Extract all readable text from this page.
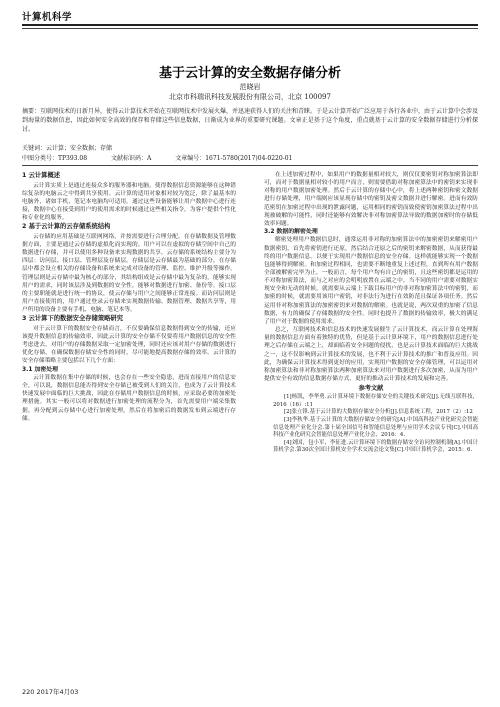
计算机科学
基于云计算的安全数据存储分析
范晓岩
北京市科瑞讯科技发展股份有限公司，北京 100097
摘要：互联网技术的日新月异，使得云计算技术开始在互联网技术中发展火爆，并迅速获得人们的关注和青睐。于是云计算开始广泛应用于各行各业中，由于云计算中会涉及到海量的数据信息，因此如何安全高效的保存和存储这些信息数据，日渐成为业界的重要研究课题。文章正是基于这个角度，重点就基于云计算的安全数据存储进行分析探讨。
关键词：云计算；安全数据；存储
中图分类号：TP393.08	文献标识码：A	文章编号：1671-5780(2017)04-0220-01
1 云计算概述

云计算实质上是通过连接众多的服务器和电脑，使得数据信息资源能够在这种错综复杂的电脑云之中得到共享使用。云计算的适用对象相对较为宽泛，除了最基本的电脑外，诸如手机、笔记本电脑均可适用。通过这些设备能够让用户数据中心进行连接，数据中心在接受到用户的使用需求的时候通过这些相关指令，为客户提供个性化和专业化的服务。

2 基于云计算的云存储系统结构

云存储的应用基础是互联网网络，并按需要进行合理分配。在存储数据及管理数据方面，主要是通过云存储的虚拟化而实现的。用户可以在虚拟的存储空间中自己的数据进行存储，并可以使用多种设备来实现数据的共享。云存储的系统结构主要分为四层：访问层、接口层、管理层及存储层。存储层是云存储最为基础的部分，在存储层中都会设立相关的存储设备和系统来完成对设备的管理、监控、维护升级等操作。管理层则是云存储中最为核心的部分，其结构组成是云存储中最为复杂的，能够实现用户的需求，同时该层涉及到数据的安全性，能够对数据进行加密、备份等。接口层的主要职能就是进行统一的协议，使云存储与用户之间能够正常连接。而访问层则是用户直接使用的，用户通过登录云存储来实现数据传输、数据管理、数据共享等，用户所用的设备主要有手机、电脑、笔记本等。

3 云计算下的数据安全存储策略研究

对于云计算下的数据安全存储而言，不仅要确保信息数据得到安全的传输，还应该提升数据信息的传输效率，因此云计算的安全存储不仅要将用户数据信息的安全性考虑进去，对用户的存储数据采取一定加密处理，同时还应该对用户存储的数据进行优化存储，在确保数据存储安全性的同时，尽可能地提高数据存储的效率。云计算的安全存储策略主要包括以下几个方面：

3.1 加密处理

云计算数据在集中存储的时候，也会存在一些安全隐患，进而直接用户的信息安全。可以说，数据信息能否得到安全存储已被受到人们的关注，也成为了云计算技术快速发展中面临的巨大挑战，因此在存储用户数据信息的时候，应采取必要的加密处理措施。其实一般可以将对数据进行加密处理的流程分为，首先需要用户端采集数据，再分配到云存储中心进行加密处理，然后在将加密后的数据发布到云端进行存储。

在上述加密过程中，如果用户的数据量相对较大，则仅仅要密钥对称加密算法即可，而对于数据量相对较小的用户而言，则需要借助对称加密算法中的密钥来实现非对称的用户数据加密处理。然后于云计算的存储中心中，将上述两种密钥和密文数据进行存储处理，用户端则应该显现存储中的密钥及密文数据并进行解密。进而有效防范密钥在加密过程中出现的泄露问题，运用相同的密钥而致使密钥加密算法过程中出现被破解的可能性，同时还能够有效解决非对称加密算法导致的数据加密时的存储低效率问题。

3.2 数据的解密处理

解密处理用户数据信息时，通常运用非对称的加密算法中的加密密钥来解密用户数据密钥，首先将密钥进行还原，然后结合还原之后的密钥来解密数据，从而获得最终的用户数据信息。以便于实现用户数据信息的安全存储。这样就能够实现一个数据包能够得到解密。和加密过程相同，也需要不断地重复上述过程，直到所有用户数据全部被解密完毕为止。一般而言，每个用户均有自己的密钥，且这些密钥都是运用的不对称加密算法，而与之对应的会明明放置在云端之中。当不同的用户需要对数据实现安全和无动的时候，就需要从云端上下载目标用户的非对称加密算法中的密钥，而加密的时候，就需要用该用户密钥，对非法行为进行在效防范且保证各项任务。然后运用非对称加密算法的加密密钥来对数据的解密。也就是说，两次双重的加密了信息数据，有力的确保了存储数据的安全性。同时也提升了数据的传输效率，极大的满足了用户对于数据的使用需求。

总之，互联网技术和信息技术的快速发展催生了云计算技术，而云计算在处理海量的数据信息方面有着独特的优势，但是基于云计算环境下，用户的数据信息进行处理之后存储在云端之上，却面临着安全问题的侵扰，也是云计算技术面临的巨大挑战之一，这不仅影响到云计算技术的发展，也不利于云计算技术的推广和普及应用。因此，为确保云计算技术得到更好的应用，实现用户数据的安全存储管理，可以运用对称加密算法和非对称加密算法两种加密算法来对用户数据进行多次加密，从而为用户提供安全有效的信息数据存储方式，更好的推动云计算技术的发展和完善。

参考文献

[1]杨凯，李华勇.云计算环境下数据存储安全的关键技术研究[J].无线互联科技，2016（16）:11

[2]张立锋.基于云计算的大数据存储安全分析[J].信息系统工程，2017（2）:12

[3]李秋华.基于云计算的大数据存储安全的研究[A].中国高科技产业化研究会智能信息处理产业化分会.第十届全国信号和智能信息处理与应用学术会议专刊[C].中国高科技产业化研究会智能信息处理产业化分会，2016：4.

[4]刘国，包小军，李征进.云计算环境下的数据存储安全访问控制机制[A].中国计算机学会.第30次全国计算机安全学术交流会论文集[C].中国计算机学会，2015：6.

220 2017年4月03
